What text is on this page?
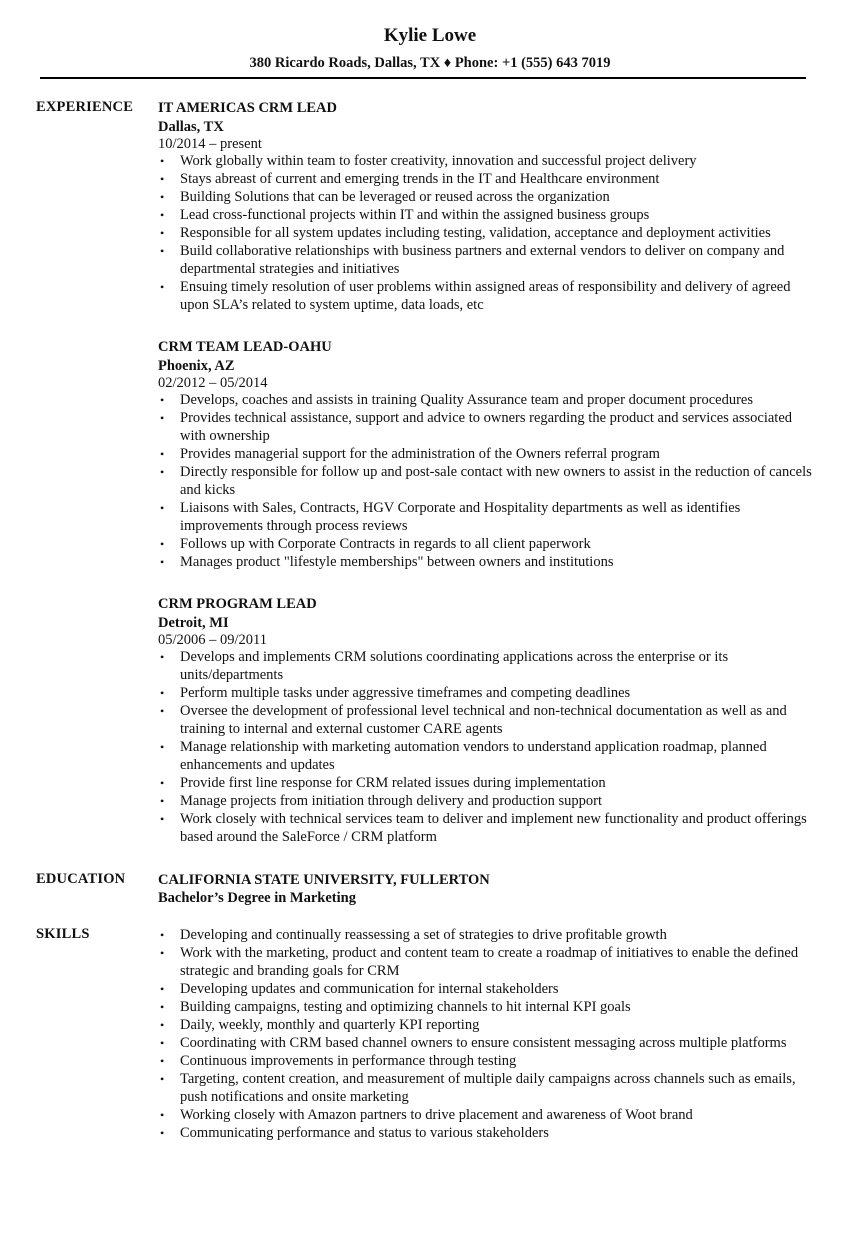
Kylie Lowe
380 Ricardo Roads, Dallas, TX ♦ Phone: +1 (555) 643 7019
EXPERIENCE IT AMERICAS CRM LEAD
Dallas, TX
10/2014 – present
• Work globally within team to foster creativity, innovation and successful project delivery
• Stays abreast of current and emerging trends in the IT and Healthcare environment
• Building Solutions that can be leveraged or reused across the organization
• Lead cross-functional projects within IT and within the assigned business groups
• Responsible for all system updates including testing, validation, acceptance and deployment activities
• Build collaborative relationships with business partners and external vendors to deliver on company and departmental strategies and initiatives
• Ensuing timely resolution of user problems within assigned areas of responsibility and delivery of agreed upon SLA’s related to system uptime, data loads, etc
CRM TEAM LEAD-OAHU
Phoenix, AZ
02/2012 – 05/2014
• Develops, coaches and assists in training Quality Assurance team and proper document procedures
• Provides technical assistance, support and advice to owners regarding the product and services associated with ownership
• Provides managerial support for the administration of the Owners referral program
• Directly responsible for follow up and post-sale contact with new owners to assist in the reduction of cancels and kicks
• Liaisons with Sales, Contracts, HGV Corporate and Hospitality departments as well as identifies improvements through process reviews
• Follows up with Corporate Contracts in regards to all client paperwork
• Manages product "lifestyle memberships" between owners and institutions
CRM PROGRAM LEAD
Detroit, MI
05/2006 – 09/2011
• Develops and implements CRM solutions coordinating applications across the enterprise or its units/departments
• Perform multiple tasks under aggressive timeframes and competing deadlines
• Oversee the development of professional level technical and non-technical documentation as well as and training to internal and external customer CARE agents
• Manage relationship with marketing automation vendors to understand application roadmap, planned enhancements and updates
• Provide first line response for CRM related issues during implementation
• Manage projects from initiation through delivery and production support
• Work closely with technical services team to deliver and implement new functionality and product offerings based around the SaleForce / CRM platform
EDUCATION CALIFORNIA STATE UNIVERSITY, FULLERTON
Bachelor’s Degree in Marketing
SKILLS	• Developing and continually reassessing a set of strategies to drive profitable growth
• Work with the marketing, product and content team to create a roadmap of initiatives to enable the defined strategic and branding goals for CRM
• Developing updates and communication for internal stakeholders
• Building campaigns, testing and optimizing channels to hit internal KPI goals
• Daily, weekly, monthly and quarterly KPI reporting
• Coordinating with CRM based channel owners to ensure consistent messaging across multiple platforms
• Continuous improvements in performance through testing
• Targeting, content creation, and measurement of multiple daily campaigns across channels such as emails, push notifications and onsite marketing
• Working closely with Amazon partners to drive placement and awareness of Woot brand
• Communicating performance and status to various stakeholders
